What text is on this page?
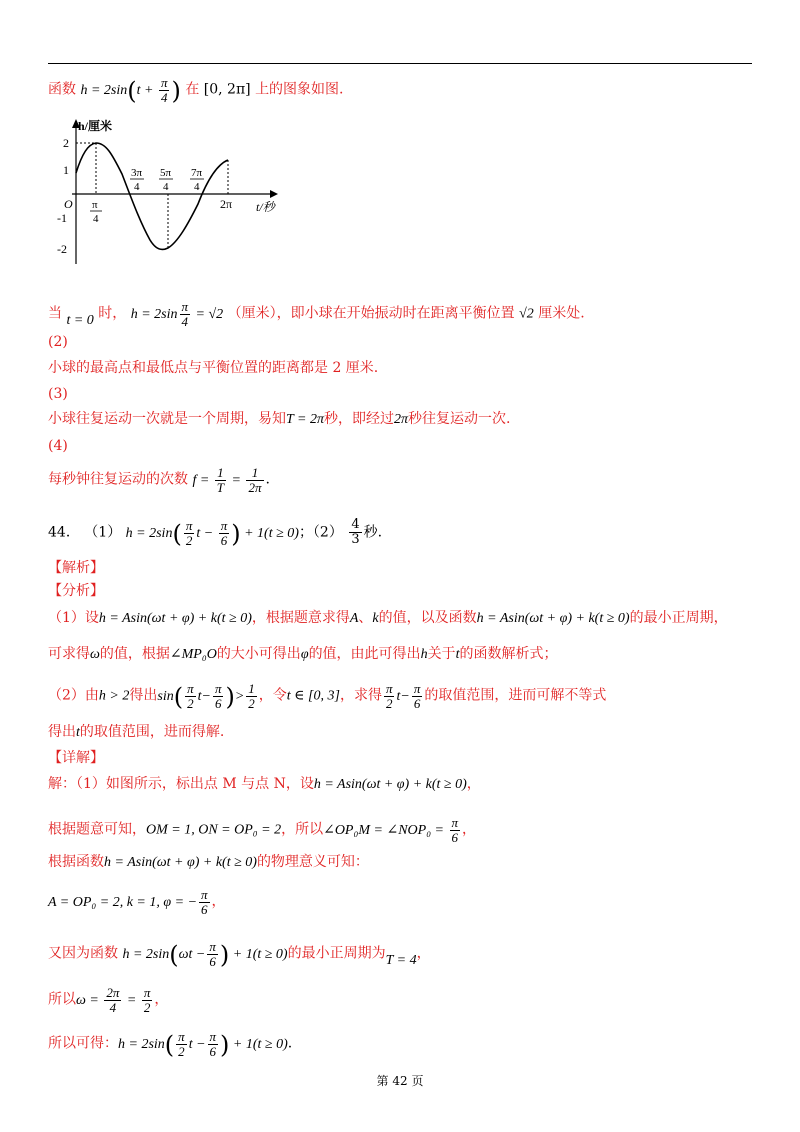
函数 $h = 2\sin(t + \frac{\pi}{4}$ ) 在 [0, 2π] 上的图象如图.
h/厘米
t/秒
O
2
1
-1
-2
π
4
3π
4
5π
4
7π
4
2π
当 t = 0 时， $h = 2\sin \frac{\pi}{4} = √2$ （厘米），即小球在开始振动时在距离平衡位置 √2 厘米处.
(2)
小球的最高点和最低点与平衡位置的距离都是 2 厘米.
(3)
小球往复运动一次就是一个周期，易知T = 2π秒，即经过2π秒往复运动一次.
(4)
每秒钟往复运动的次数 $f = \frac{1}{T} = \frac{1}{2\pi}$ .
44． （1） $h = 2\sin( \frac{\pi}{2}$ $t - \frac{\pi}{6}$ ) + 1(t ≥ 0)；$(2) \frac{4}{3}$ 秒.
【解析】
【分析】
（1）设h = Asin(ωt + φ) + k(t ≥ 0)，根据题意求得A、k的值，以及函数h = Asin(ωt + φ) + k(t ≥ 0)的最小正周期，
可求得ω的值，根据∠MP₀O的大小可得出φ的值，由此可得出h关于t的函数解析式；
（2）由h > 2得出$\sin( \frac{\pi}{2} t- \frac{\pi}{6}$ )> $\frac{1}{2}$ ，令t ∈ [0, 3]，求得 $\frac{\pi}{2} t- \frac{\pi}{6}$ 的取值范围，进而可解不等式
得出t的取值范围，进而得解.
【详解】
解：（1）如图所示，标出点 M 与点 N，设h = Asin(ωt + φ) + k(t ≥ 0)，
根据题意可知，OM = 1, ON = OP₀ = 2，所以∠OP₀M = ∠NOP₀ = $\frac{\pi}{6}$ ，
根据函数h = Asin(ωt + φ) + k(t ≥ 0)的物理意义可知：
A = OP₀ = 2, k = 1, φ = − $\frac{\pi}{6}$ ，
又因为函数 $h = 2\sin(\omega t - \frac{\pi}{6}$ ) + 1(t ≥ 0)的最小正周期为T = 4，
所以$\omega = \frac{2\pi}{4} = \frac{\pi}{2}$ ，
所以可得：$h = 2\sin( \frac{\pi}{2}$ $t - \frac{\pi}{6}$ ) + 1(t ≥ 0).
第 42 页
